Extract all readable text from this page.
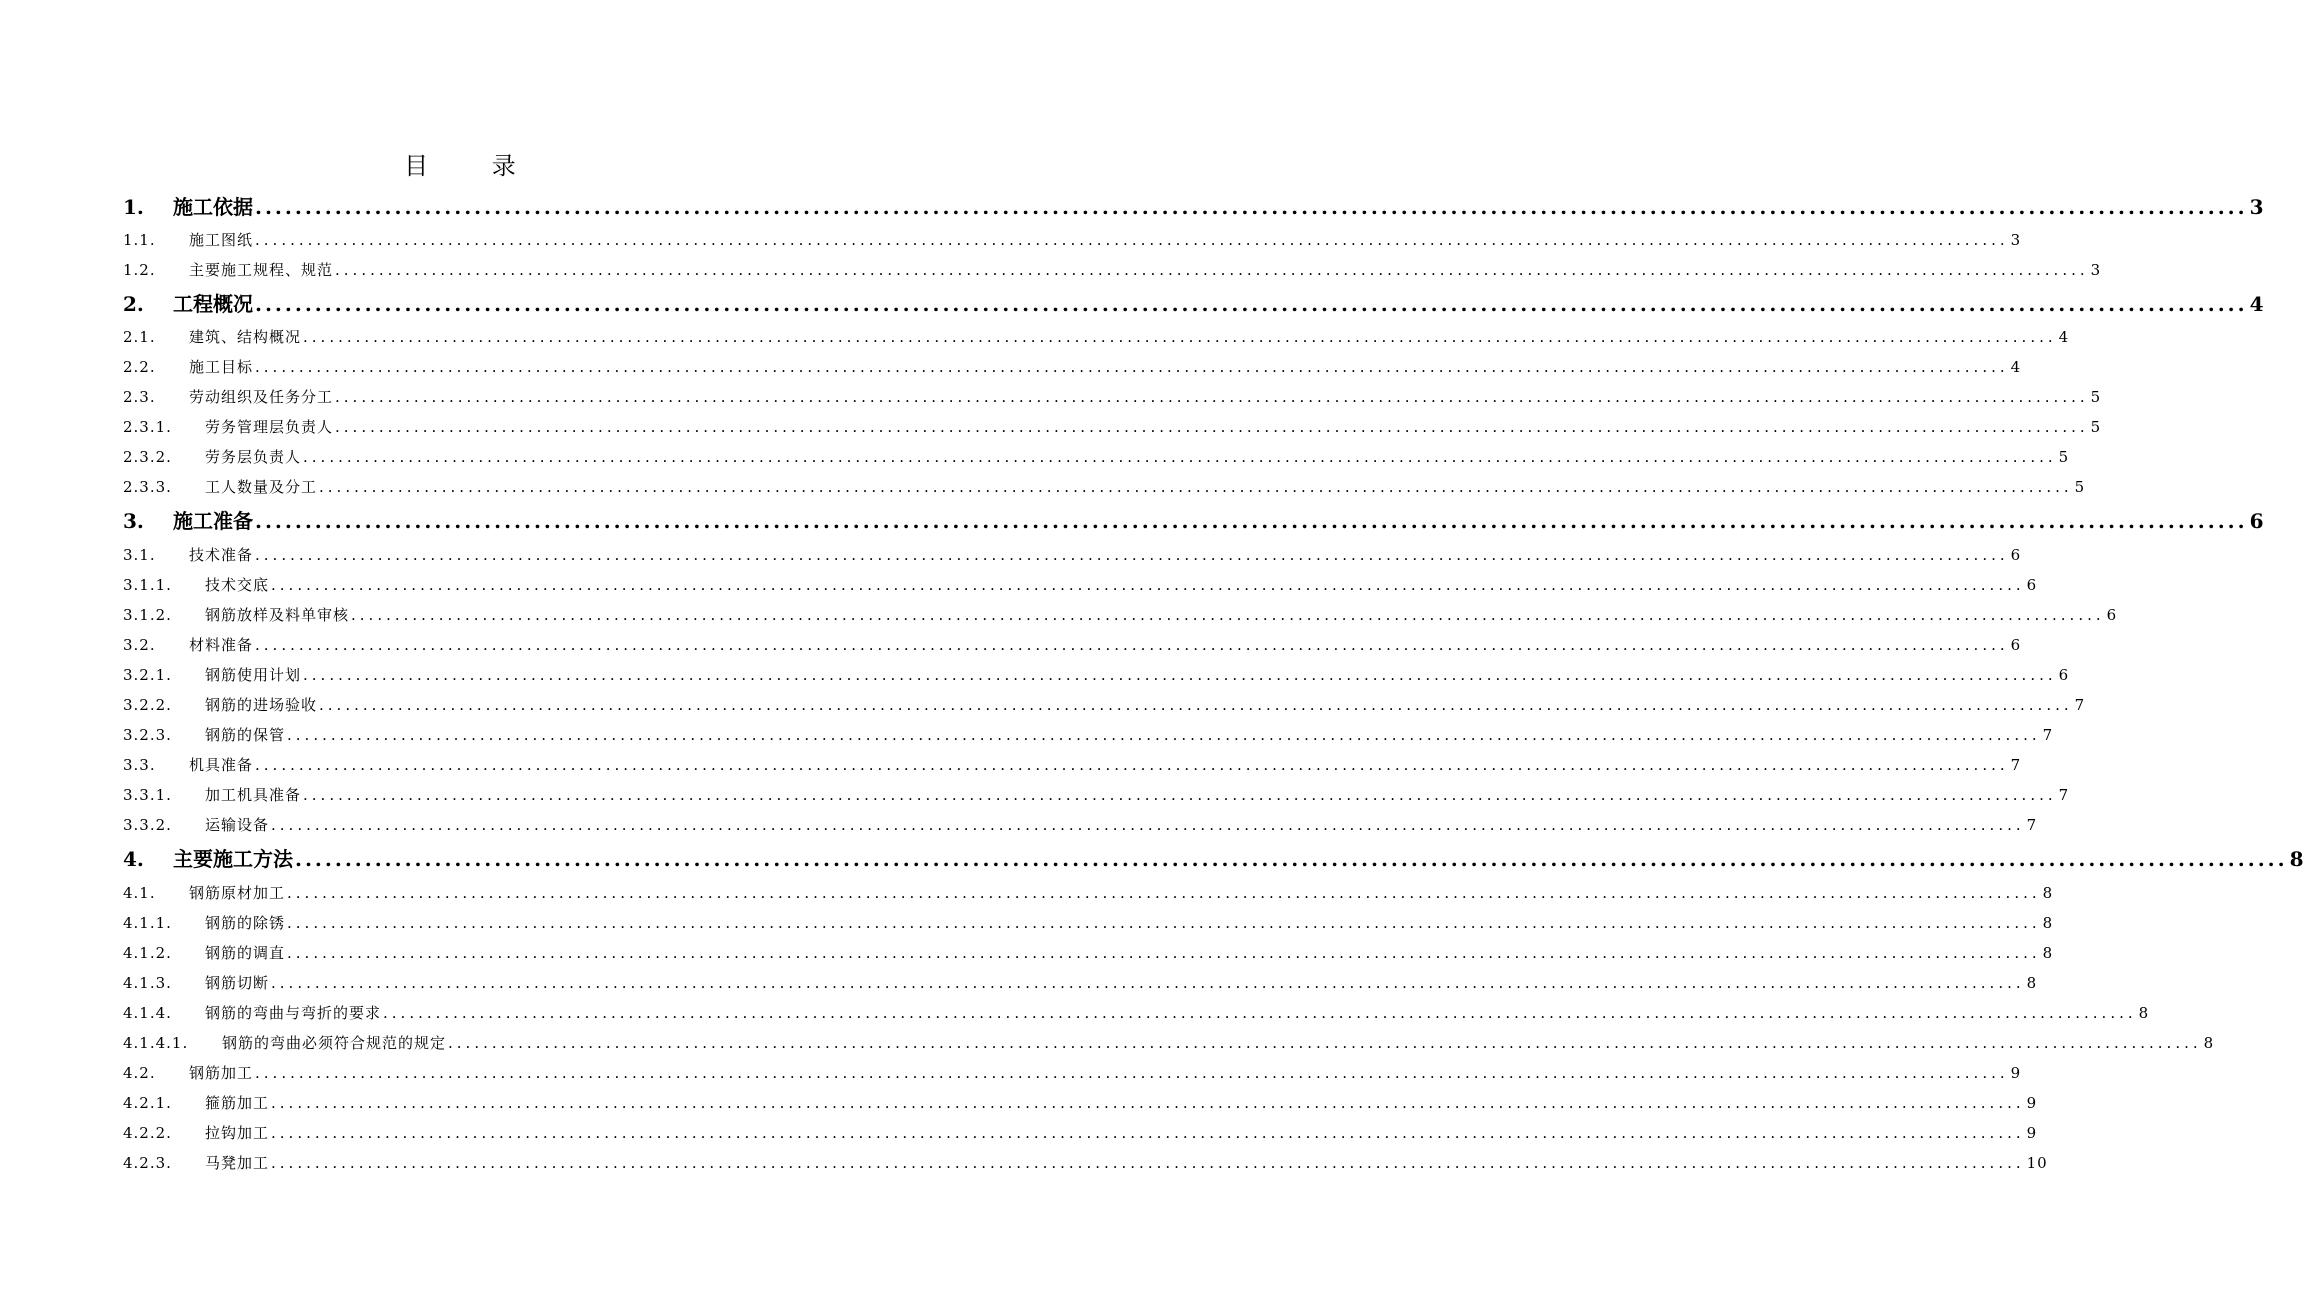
目 录
1.	施工依据 ........................................................................................................................................................................................................ 3
1.1.	施工图纸 ........................................................................................................................................................................................................ 3
1.2.	主要施工规程、规范 ........................................................................................................................................................................................................ 3
2.	工程概况 ........................................................................................................................................................................................................ 4
2.1.	建筑、结构概况 ........................................................................................................................................................................................................ 4
2.2.	施工目标 ........................................................................................................................................................................................................ 4
2.3.	劳动组织及任务分工 ........................................................................................................................................................................................................ 5
2.3.1.	劳务管理层负责人 ........................................................................................................................................................................................................ 5
2.3.2.	劳务层负责人 ........................................................................................................................................................................................................ 5
2.3.3.	工人数量及分工 ........................................................................................................................................................................................................ 5
3.	施工准备 ........................................................................................................................................................................................................ 6
3.1.	技术准备 ........................................................................................................................................................................................................ 6
3.1.1.	技术交底 ........................................................................................................................................................................................................ 6
3.1.2.	钢筋放样及料单审核 ........................................................................................................................................................................................................ 6
3.2.	材料准备 ........................................................................................................................................................................................................ 6
3.2.1.	钢筋使用计划 ........................................................................................................................................................................................................ 6
3.2.2.	钢筋的进场验收 ........................................................................................................................................................................................................ 7
3.2.3.	钢筋的保管 ........................................................................................................................................................................................................ 7
3.3.	机具准备 ........................................................................................................................................................................................................ 7
3.3.1.	加工机具准备 ........................................................................................................................................................................................................ 7
3.3.2.	运输设备 ........................................................................................................................................................................................................ 7
4.	主要施工方法 ........................................................................................................................................................................................................ 8
4.1.	钢筋原材加工 ........................................................................................................................................................................................................ 8
4.1.1.	钢筋的除锈 ........................................................................................................................................................................................................ 8
4.1.2.	钢筋的调直 ........................................................................................................................................................................................................ 8
4.1.3.	钢筋切断 ........................................................................................................................................................................................................ 8
4.1.4.	钢筋的弯曲与弯折的要求 ........................................................................................................................................................................................................ 8
4.1.4.1.	钢筋的弯曲必须符合规范的规定 ........................................................................................................................................................................................................ 8
4.2.	钢筋加工 ........................................................................................................................................................................................................ 9
4.2.1.	箍筋加工 ........................................................................................................................................................................................................ 9
4.2.2.	拉钩加工 ........................................................................................................................................................................................................ 9
4.2.3.	马凳加工 ........................................................................................................................................................................................................ 10
